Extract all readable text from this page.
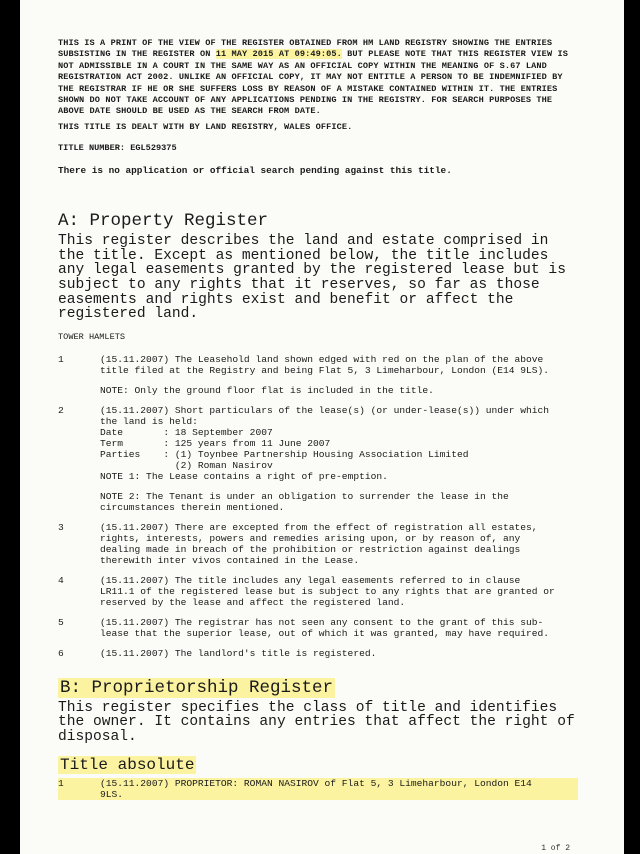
THIS IS A PRINT OF THE VIEW OF THE REGISTER OBTAINED FROM HM LAND REGISTRY SHOWING THE ENTRIES SUBSISTING IN THE REGISTER ON 11 MAY 2015 AT 09:49:05. BUT PLEASE NOTE THAT THIS REGISTER VIEW IS NOT ADMISSIBLE IN A COURT IN THE SAME WAY AS AN OFFICIAL COPY WITHIN THE MEANING OF S.67 LAND REGISTRATION ACT 2002. UNLIKE AN OFFICIAL COPY, IT MAY NOT ENTITLE A PERSON TO BE INDEMNIFIED BY THE REGISTRAR IF HE OR SHE SUFFERS LOSS BY REASON OF A MISTAKE CONTAINED WITHIN IT. THE ENTRIES SHOWN DO NOT TAKE ACCOUNT OF ANY APPLICATIONS PENDING IN THE REGISTRY. FOR SEARCH PURPOSES THE ABOVE DATE SHOULD BE USED AS THE SEARCH FROM DATE.

THIS TITLE IS DEALT WITH BY LAND REGISTRY, WALES OFFICE.

TITLE NUMBER: EGL529375
There is no application or official search pending against this title.
A: Property Register

This register describes the land and estate comprised in the title. Except as mentioned below, the title includes any legal easements granted by the registered lease but is subject to any rights that it reserves, so far as those easements and rights exist and benefit or affect the registered land.

TOWER HAMLETS
1	(15.11.2007) The Leasehold land shown edged with red on the plan of the above title filed at the Registry and being Flat 5, 3 Limeharbour, London (E14 9LS).
NOTE: Only the ground floor flat is included in the title.
2	(15.11.2007) Short particulars of the lease(s) (or under-lease(s)) under which the land is held:
Date       : 18 September 2007
Term       : 125 years from 11 June 2007
Parties    : (1) Toynbee Partnership Housing Association Limited
(2) Roman Nasirov
NOTE 1: The Lease contains a right of pre-emption.
NOTE 2: The Tenant is under an obligation to surrender the lease in the circumstances therein mentioned.
3	(15.11.2007) There are excepted from the effect of registration all estates, rights, interests, powers and remedies arising upon, or by reason of, any dealing made in breach of the prohibition or restriction against dealings therewith inter vivos contained in the Lease.
4	(15.11.2007) The title includes any legal easements referred to in clause LR11.1 of the registered lease but is subject to any rights that are granted or reserved by the lease and affect the registered land.
5	(15.11.2007) The registrar has not seen any consent to the grant of this sub-lease that the superior lease, out of which it was granted, may have required.
6	(15.11.2007) The landlord's title is registered.
B: Proprietorship Register

This register specifies the class of title and identifies the owner. It contains any entries that affect the right of disposal.

Title absolute
1	(15.11.2007) PROPRIETOR: ROMAN NASIROV of Flat 5, 3 Limeharbour, London E14 9LS.
1 of 2
